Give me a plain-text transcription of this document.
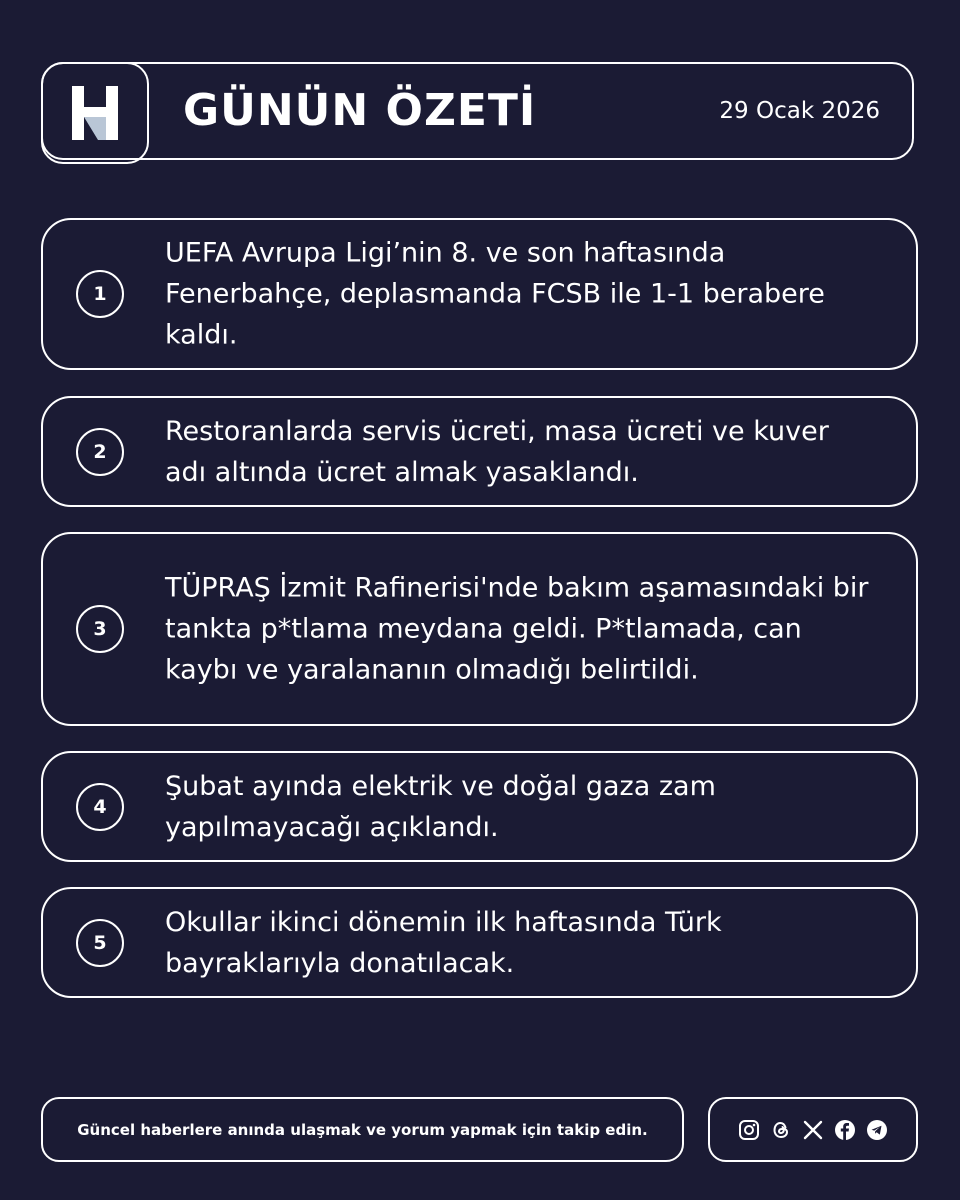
GÜNÜN ÖZETİ	29 Ocak 2026
1
UEFA Avrupa Ligi’nin 8. ve son haftasında Fenerbahçe, deplasmanda FCSB ile 1-1 berabere kaldı.
2
Restoranlarda servis ücreti, masa ücreti ve kuver adı altında ücret almak yasaklandı.
3
TÜPRAŞ İzmit Rafinerisi'nde bakım aşamasındaki bir tankta p*tlama meydana geldi. P*tlamada, can kaybı ve yaralananın olmadığı belirtildi.
4
Şubat ayında elektrik ve doğal gaza zam yapılmayacağı açıklandı.
5
Okullar ikinci dönemin ilk haftasında Türk bayraklarıyla donatılacak.
Güncel haberlere anında ulaşmak ve yorum yapmak için takip edin.
